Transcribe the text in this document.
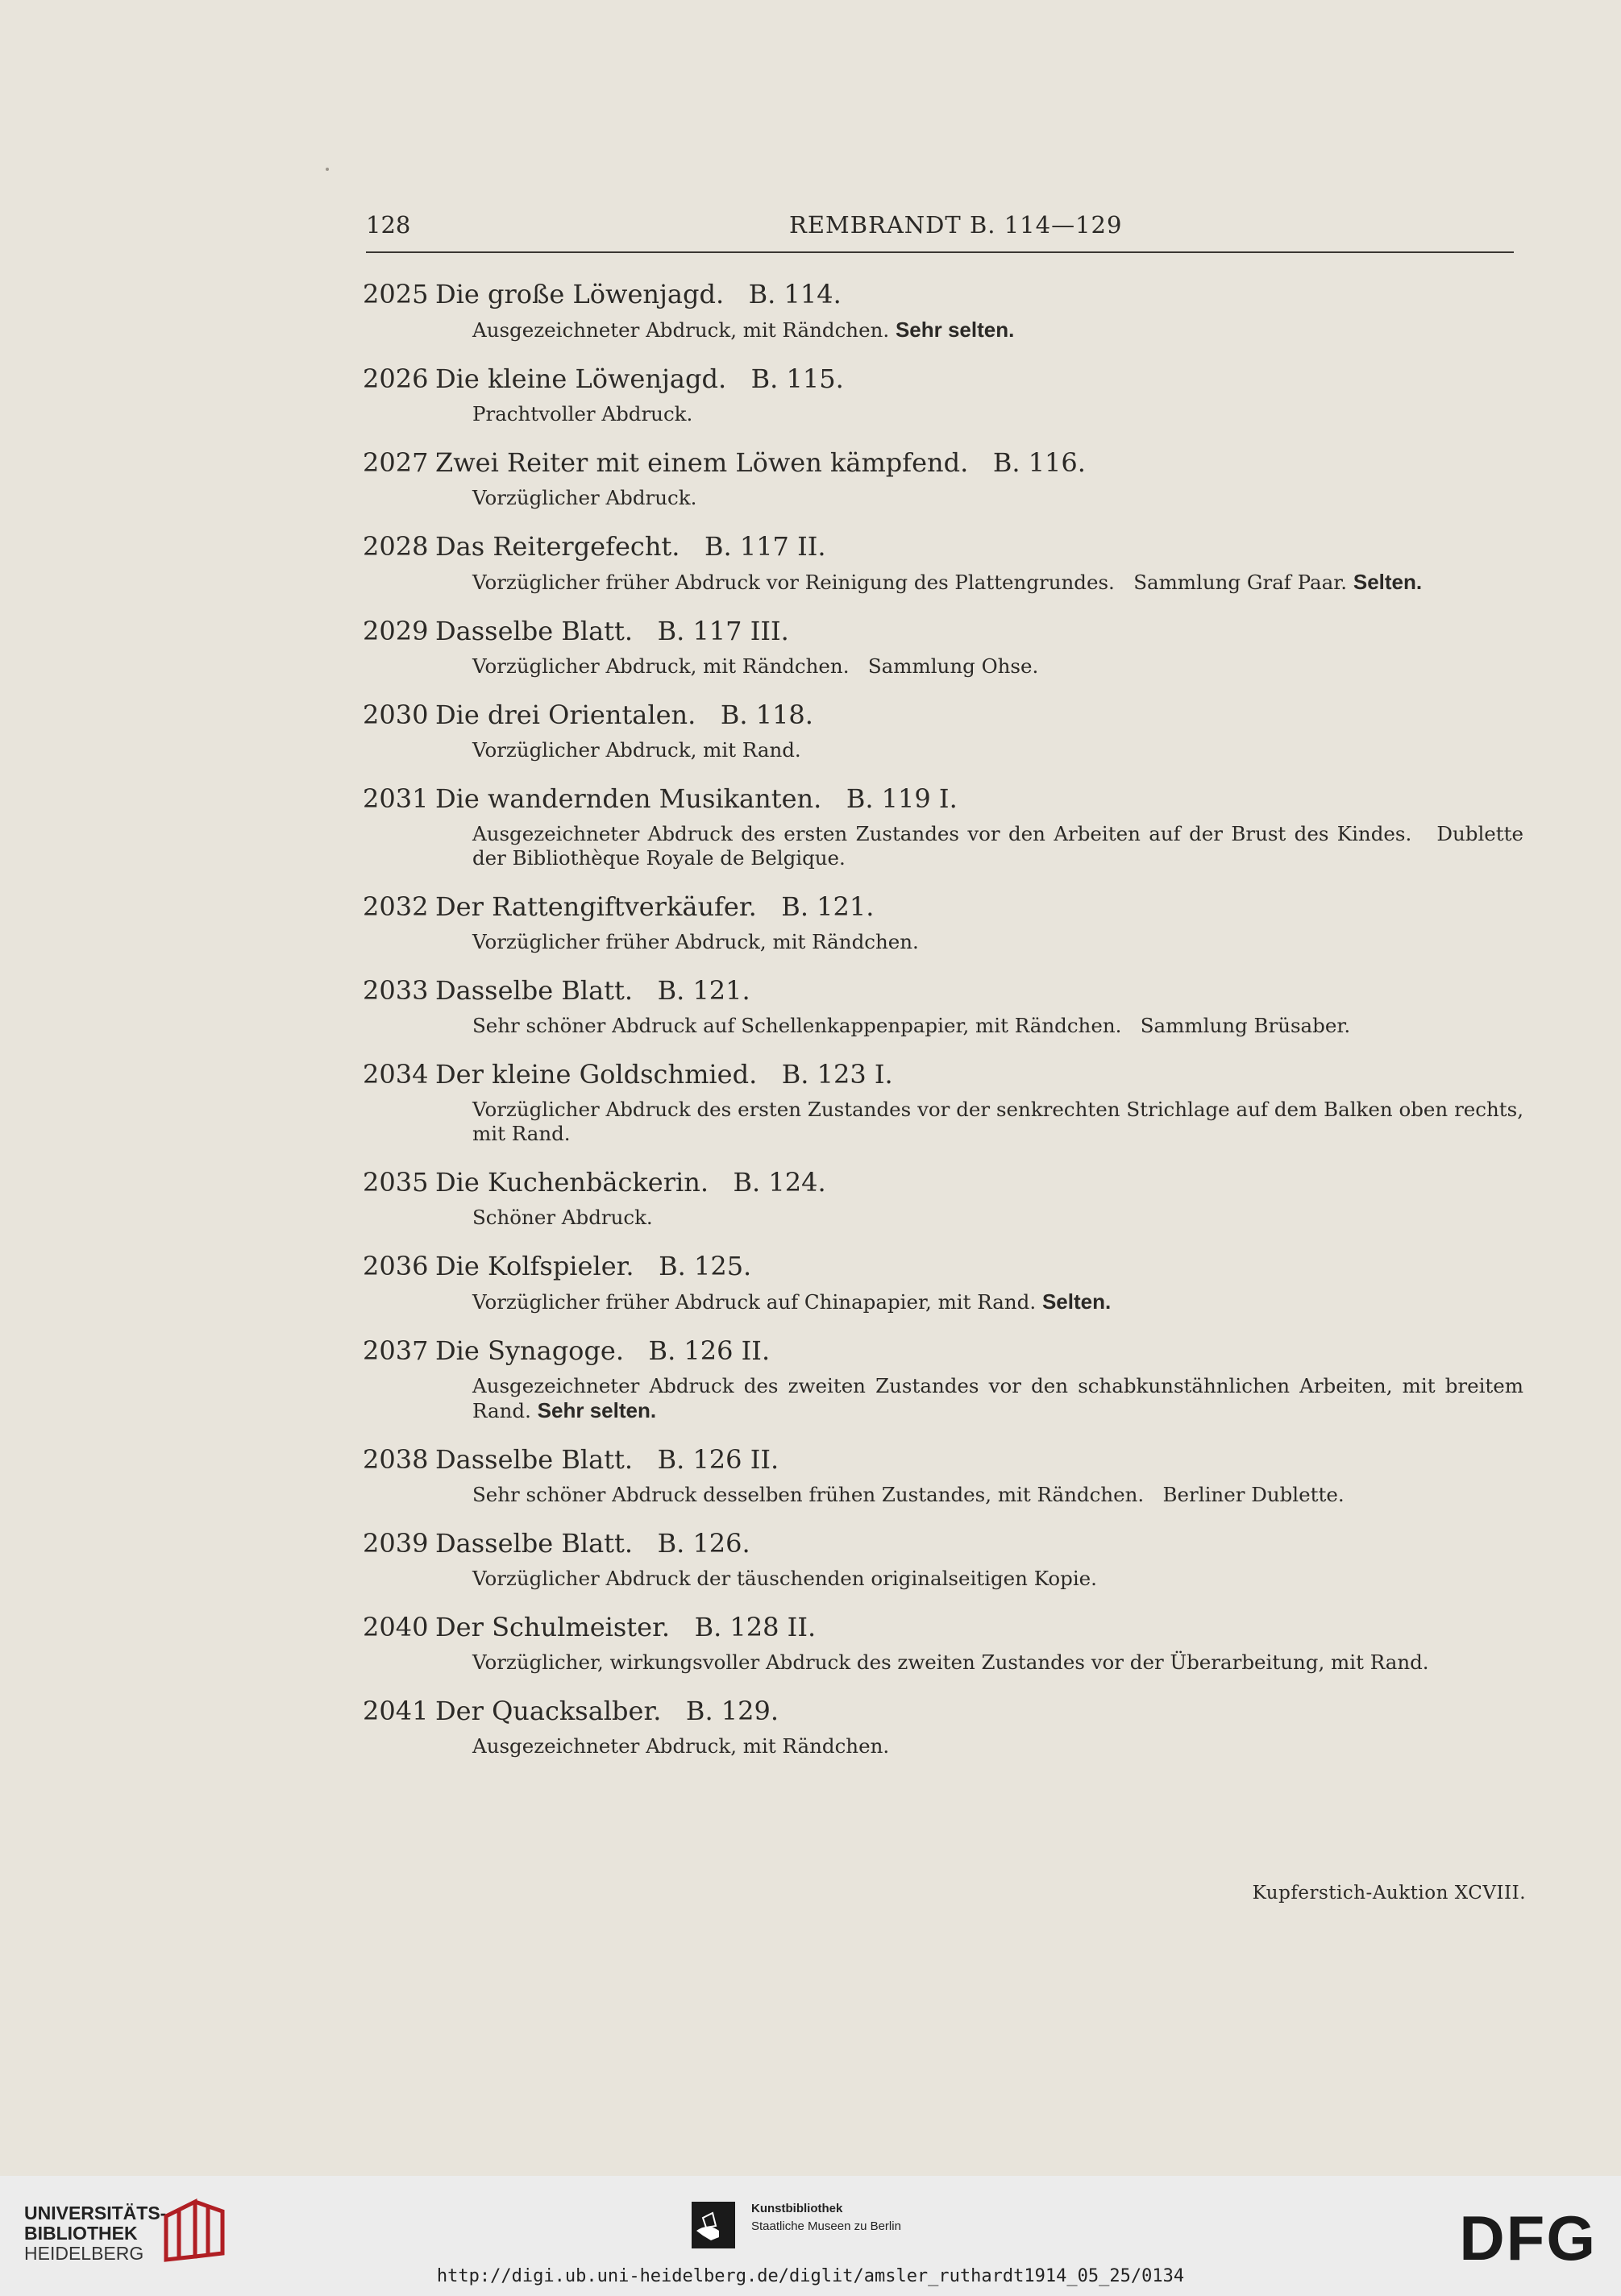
128	REMBRANDT B. 114—129
2025 Die große Löwenjagd.   B. 114.
Ausgezeichneter Abdruck, mit Rändchen. Sehr selten.
2026 Die kleine Löwenjagd.   B. 115.
Prachtvoller Abdruck.
2027 Zwei Reiter mit einem Löwen kämpfend.   B. 116.
Vorzüglicher Abdruck.
2028 Das Reitergefecht.   B. 117 II.
Vorzüglicher früher Abdruck vor Reinigung des Plattengrundes.   Sammlung Graf Paar. Selten.
2029 Dasselbe Blatt.   B. 117 III.
Vorzüglicher Abdruck, mit Rändchen.   Sammlung Ohse.
2030 Die drei Orientalen.   B. 118.
Vorzüglicher Abdruck, mit Rand.
2031 Die wandernden Musikanten.   B. 119 I.
Ausgezeichneter Abdruck des ersten Zustandes vor den Arbeiten auf der Brust des Kindes.   Dublette der Bibliothèque Royale de Belgique.
2032 Der Rattengiftverkäufer.   B. 121.
Vorzüglicher früher Abdruck, mit Rändchen.
2033 Dasselbe Blatt.   B. 121.
Sehr schöner Abdruck auf Schellenkappenpapier, mit Rändchen.   Sammlung Brüsaber.
2034 Der kleine Goldschmied.   B. 123 I.
Vorzüglicher Abdruck des ersten Zustandes vor der senkrechten Strichlage auf dem Balken oben rechts, mit Rand.
2035 Die Kuchenbäckerin.   B. 124.
Schöner Abdruck.
2036 Die Kolfspieler.   B. 125.
Vorzüglicher früher Abdruck auf Chinapapier, mit Rand. Selten.
2037 Die Synagoge.   B. 126 II.
Ausgezeichneter Abdruck des zweiten Zustandes vor den schabkunstähnlichen Arbeiten, mit breitem Rand. Sehr selten.
2038 Dasselbe Blatt.   B. 126 II.
Sehr schöner Abdruck desselben frühen Zustandes, mit Rändchen.   Berliner Dublette.
2039 Dasselbe Blatt.   B. 126.
Vorzüglicher Abdruck der täuschenden originalseitigen Kopie.
2040 Der Schulmeister.   B. 128 II.
Vorzüglicher, wirkungsvoller Abdruck des zweiten Zustandes vor der Überarbeitung, mit Rand.
2041 Der Quacksalber.   B. 129.
Ausgezeichneter Abdruck, mit Rändchen.
Kupferstich-Auktion XCVIII.
UNIVERSITÄTS-
BIBLIOTHEK
HEIDELBERG
Kunstbibliothek
Staatliche Museen zu Berlin	DFG
http://digi.ub.uni-heidelberg.de/diglit/amsler_ruthardt1914_05_25/0134
